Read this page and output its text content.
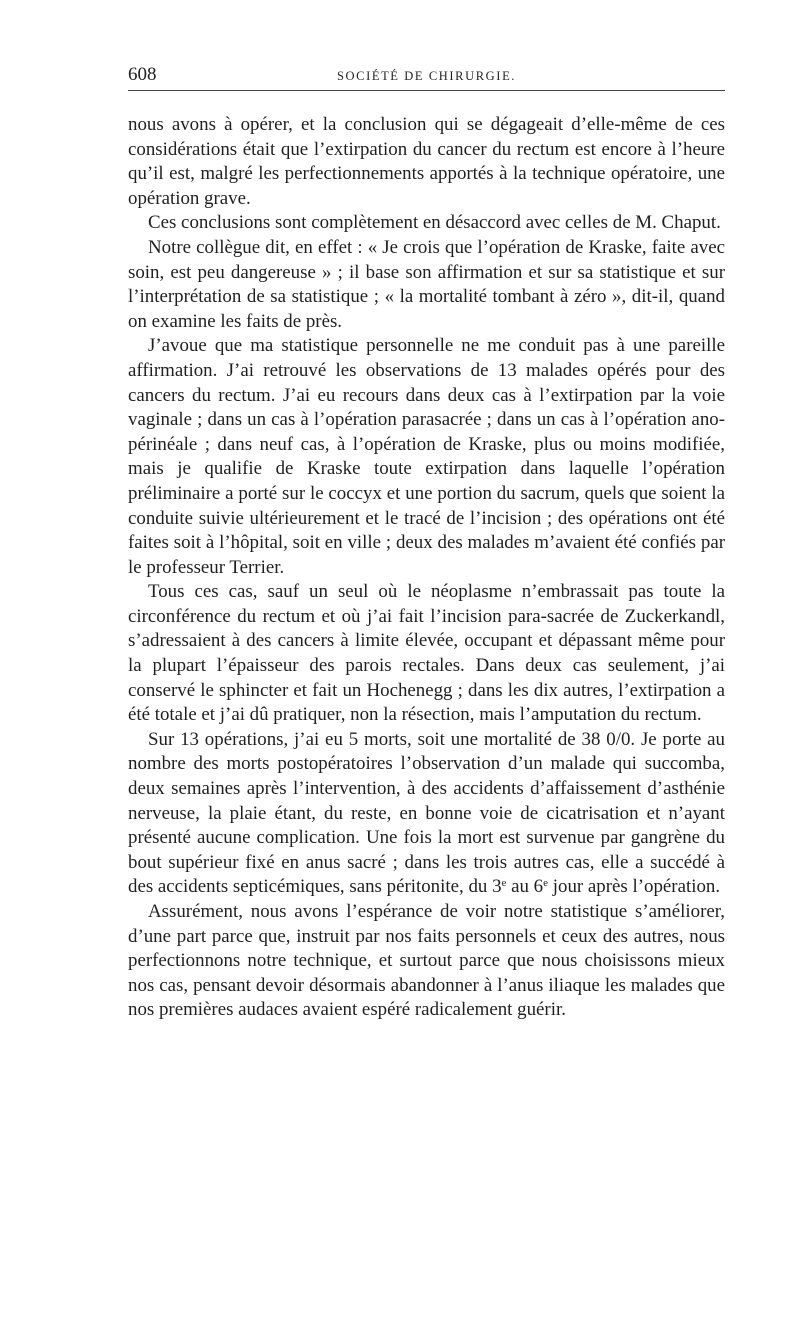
608	SOCIÉTÉ DE CHIRURGIE.

nous avons à opérer, et la conclusion qui se dégageait d’elle-même de ces considérations était que l’extirpation du cancer du rectum est encore à l’heure qu’il est, malgré les perfectionnements apportés à la technique opératoire, une opération grave.

Ces conclusions sont complètement en désaccord avec celles de M. Chaput.

Notre collègue dit, en effet : « Je crois que l’opération de Kraske, faite avec soin, est peu dangereuse » ; il base son affirmation et sur sa statistique et sur l’interprétation de sa statistique ; « la mortalité tombant à zéro », dit-il, quand on examine les faits de près.

J’avoue que ma statistique personnelle ne me conduit pas à une pareille affirmation. J’ai retrouvé les observations de 13 malades opérés pour des cancers du rectum. J’ai eu recours dans deux cas à l’extirpation par la voie vaginale ; dans un cas à l’opération parasacrée ; dans un cas à l’opération ano-périnéale ; dans neuf cas, à l’opération de Kraske, plus ou moins modifiée, mais je qualifie de Kraske toute extirpation dans laquelle l’opération préliminaire a porté sur le coccyx et une portion du sacrum, quels que soient la conduite suivie ultérieurement et le tracé de l’incision ; des opérations ont été faites soit à l’hôpital, soit en ville ; deux des malades m’avaient été confiés par le professeur Terrier.

Tous ces cas, sauf un seul où le néoplasme n’embrassait pas toute la circonférence du rectum et où j’ai fait l’incision para-sacrée de Zuckerkandl, s’adressaient à des cancers à limite élevée, occupant et dépassant même pour la plupart l’épaisseur des parois rectales. Dans deux cas seulement, j’ai conservé le sphincter et fait un Hochenegg ; dans les dix autres, l’extirpation a été totale et j’ai dû pratiquer, non la résection, mais l’amputation du rectum.

Sur 13 opérations, j’ai eu 5 morts, soit une mortalité de 38 0/0. Je porte au nombre des morts postopératoires l’observation d’un malade qui succomba, deux semaines après l’intervention, à des accidents d’affaissement d’asthénie nerveuse, la plaie étant, du reste, en bonne voie de cicatrisation et n’ayant présenté aucune complication. Une fois la mort est survenue par gangrène du bout supérieur fixé en anus sacré ; dans les trois autres cas, elle a succédé à des accidents septicémiques, sans péritonite, du 3e au 6e jour après l’opération.

Assurément, nous avons l’espérance de voir notre statistique s’améliorer, d’une part parce que, instruit par nos faits personnels et ceux des autres, nous perfectionnons notre technique, et surtout parce que nous choisissons mieux nos cas, pensant devoir désormais abandonner à l’anus iliaque les malades que nos premières audaces avaient espéré radicalement guérir.
